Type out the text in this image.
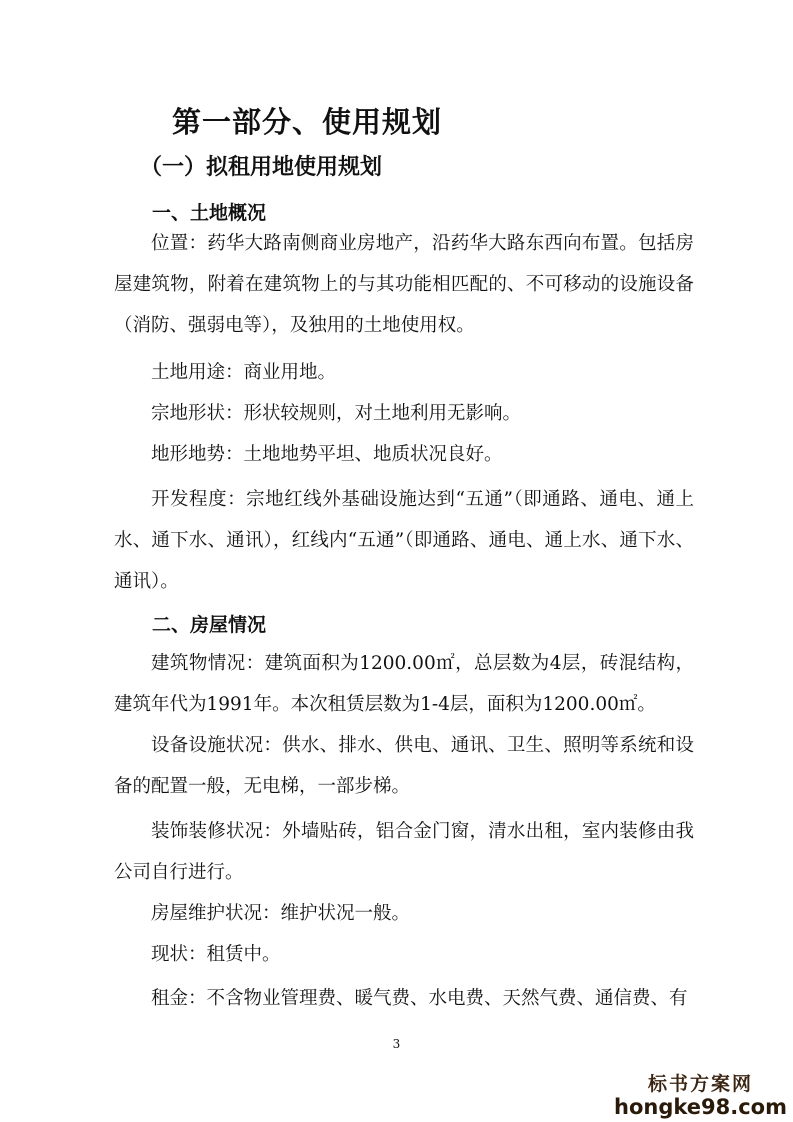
第一部分、使用规划
（一）拟租用地使用规划
一、土地概况

位置：药华大路南侧商业房地产，沿药华大路东西向布置。包括房屋建筑物，附着在建筑物上的与其功能相匹配的、不可移动的设施设备（消防、强弱电等），及独用的土地使用权。

土地用途：商业用地。

宗地形状：形状较规则，对土地利用无影响。

地形地势：土地地势平坦、地质状况良好。

开发程度：宗地红线外基础设施达到“五通”（即通路、通电、通上水、通下水、通讯），红线内“五通”（即通路、通电、通上水、通下水、通讯）。

二、房屋情况

建筑物情况：建筑面积为1200.00㎡，总层数为4层，砖混结构，建筑年代为1991年。本次租赁层数为1-4层，面积为1200.00㎡。

设备设施状况：供水、排水、供电、通讯、卫生、照明等系统和设备的配置一般，无电梯，一部步梯。

装饰装修状况：外墙贴砖，铝合金门窗，清水出租，室内装修由我公司自行进行。

房屋维护状况：维护状况一般。

现状：租赁中。

租金：不含物业管理费、暖气费、水电费、天然气费、通信费、有

3
标书方案网
hongke98.com
